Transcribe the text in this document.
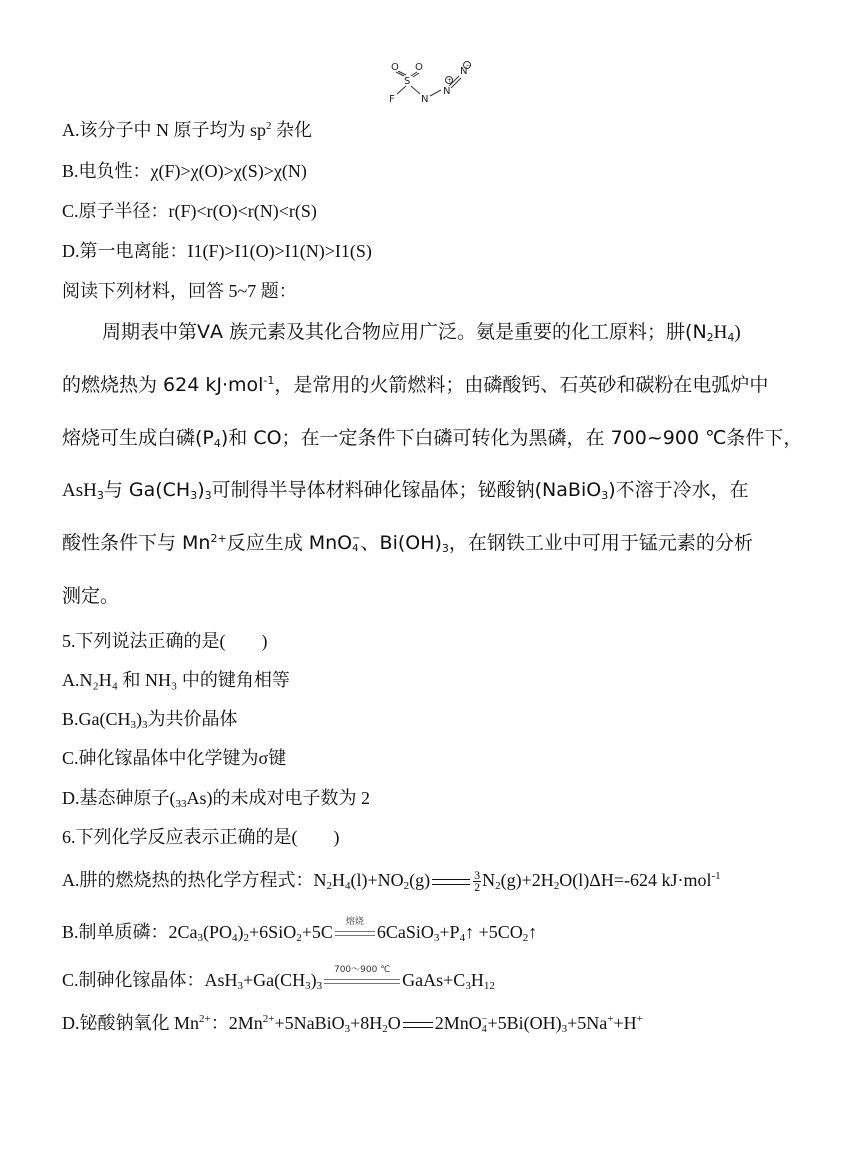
O O
S
F	N
N
N
+
−
A.该分子中 N 原子均为 $sp^2$ 杂化
B.电负性：χ(F)>χ(O)>χ(S)>χ(N)
C.原子半径：r(F)<r(O)<r(N)<r(S)
D.第一电离能：I1(F)>I1(O)>I1(N)>I1(S)
阅读下列材料，回答 5~7 题：
周期表中第ⅤA 族元素及其化合物应用广泛。氨是重要的化工原料；肼$(N_2H_4)$
的燃烧热为 624 kJ·mol$^{-1}$，是常用的火箭燃料；由磷酸钙、石英砂和碳粉在电弧炉中
熔烧可生成白磷$(P_4)$和 CO；在一定条件下白磷可转化为黑磷，在 700~900 ℃条件下，
AsH$_3$与 $Ga(CH_3)_3$可制得半导体材料砷化镓晶体；铋酸钠(NaBiO$_3$)不溶于冷水，在
酸性条件下与 $Mn^{2+}$反应生成 MnO −
4 、$Bi(OH)_3$，在钢铁工业中可用于锰元素的分析
测定。
5.下列说法正确的是(　　)
A.N₂H₄ 和 NH₃ 中的键角相等
$B.Ga(CH_3)_3$为共价晶体
C.砷化镓晶体中化学键为σ键
D.基态砷原子$(_{33}As)$的未成对电子数为 2
6.下列化学反应表示正确的是(　　)
A.肼的燃烧热的热化学方程式：$N_2H_4(l)+NO_2(g)$	$\frac{3}{2} N_2(g)+2H_2O(l)\Delta H=-624$ kJ·mol$^{-1}$
B.制单质磷：$2Ca_3(PO_4)_2+6SiO_2+5C$	熔烧 $6CaSiO_3+P_4↑$ $+5CO_2↑$
C.制砷化镓晶体：$AsH_3+Ga(CH_3)_3$
700～900 ℃ $GaAs+C_3H_{12}$
D.铋酸钠氧化 $Mn^{2+}$：$2Mn^{2+}+5NaBiO_3+8H_2O$ 2MnO −
$4 +5Bi(OH)_3+5Na^++H^+$
